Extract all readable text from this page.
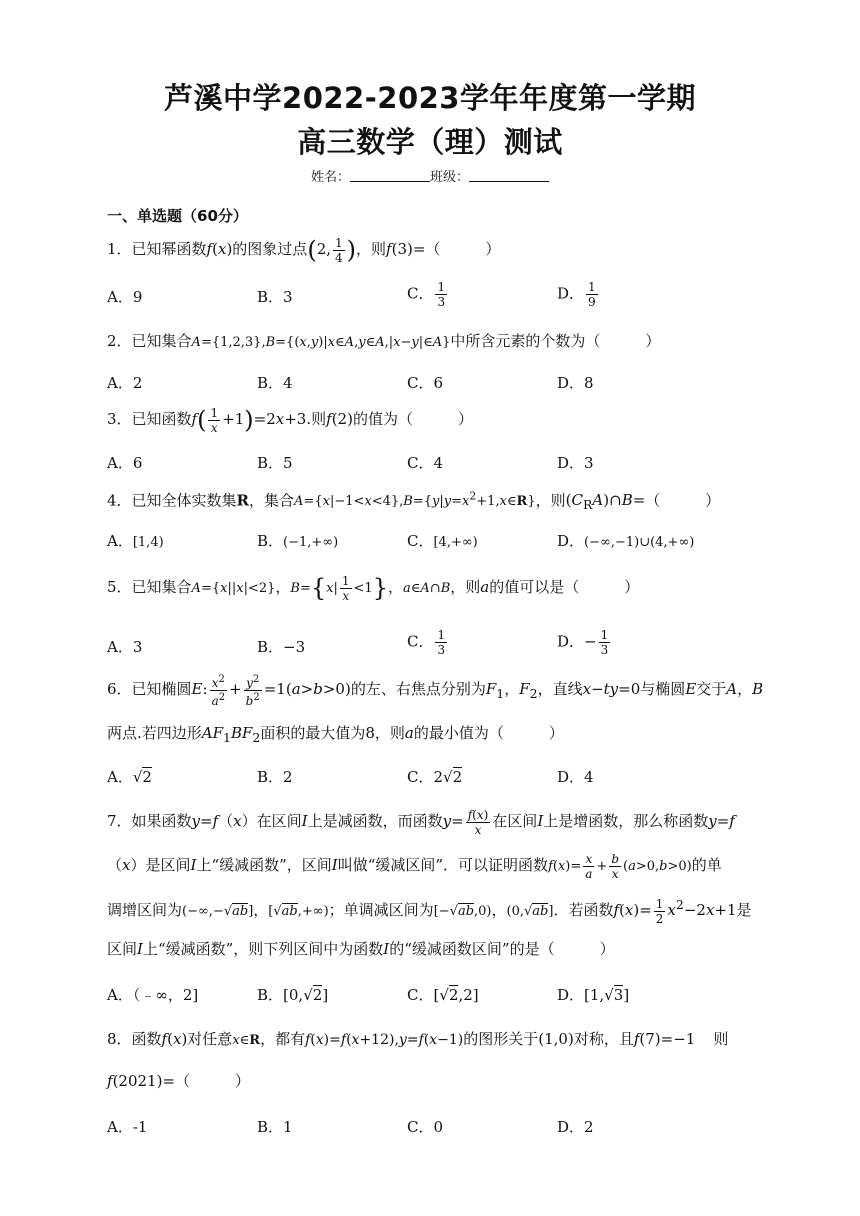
芦溪中学2022-2023学年年度第一学期
高三数学（理）测试
姓名：	班级：
一、单选题（60分）
1．已知幂函数f(x)的图象过点(2, $\frac{1}{4}$ )，则f(3)=（　　　）
A．9	B．3	C． $\frac{1}{3}$	D． $\frac{1}{9}$
2．已知集合A={1,2,3},B={(x,y)|x∈A,y∈A,|x−y|∈A}中所含元素的个数为（　　　）
A．2	B．4	C．6	D．8
3．已知函数$f( \frac{1}{x} +1)=2x+3$.则f(2)的值为（　　　）
A．6	B．5	C．4	D．3
4．已知全体实数集R，集合$A=\{x|-1<x<4\},B=\{y|y=x^2+1,x\in R\}$，则$(C_RA)\cap B=$（　　　）
A．[1,4)	B．(−1,+∞)	C．[4,+∞)	D．(−∞,−1)∪(4,+∞)
5．已知集合A={x||x|<2}，$B=\{x| \frac{1}{x} <1\}$，a∈A∩B，则a的值可以是（　　　）
A．3	B．−3	C． $\frac{1}{3}$	D．− $\frac{1}{3}$
6．已知椭圆E: $\frac{x^2}{a^2} + \frac{y^2}{b^2} =1(a>b>0)$的左、右焦点分别为$F_1$，$F_2$，直线x−ty=0与椭圆E交于A，B
两点.若四边形$AF_1BF_2$面积的最大值为8，则a的最小值为（　　　）
A．√2	B．2	C．2√2	D．4
7．如果函数y=f（x）在区间I上是减函数，而函数$y= \frac{f(x)}{x}$ 在区间I上是增函数，那么称函数y=f
（x）是区间I上“缓减函数”，区间I叫做“缓减区间”．可以证明函数$f(x)= \frac{x}{a} + \frac{b}{x} (a>0,b>0)$的单
调增区间为(−∞,−√ab]，[√ab,+∞)；单调减区间为[−√ab,0)，(0,√ab]．若函数$f(x)= \frac{1}{2} x^2-2x+1$是
区间I上“缓减函数”，则下列区间中为函数I的“缓减函数区间”的是（　　　）
A．（﹣∞，2]	B．[0,√2]	C．[√2,2]	D．[1,√3]
8．函数f(x)对任意x∈R，都有f(x)=f(x+12),y=f(x−1)的图形关于(1,0)对称，且f(7)=−1 则
f(2021)=（　　　）
A．-1	B．1	C．0	D．2
